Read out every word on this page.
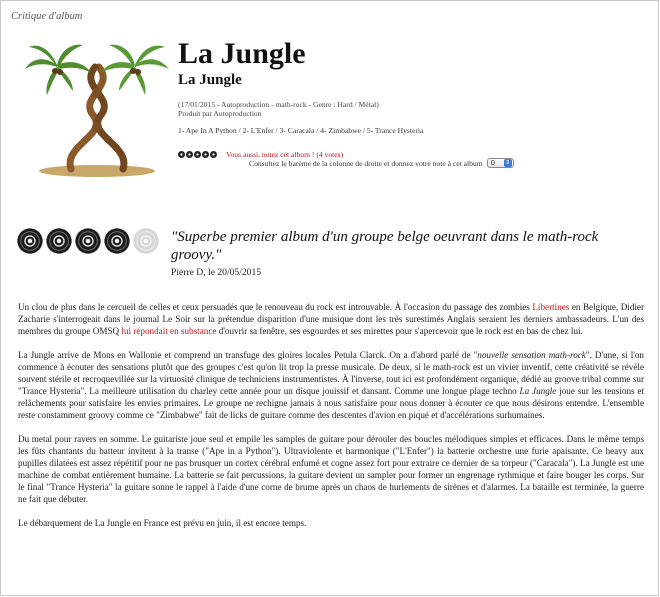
Critique d'album
La Jungle
La Jungle
(17/01/2015 - Autoproduction - math-rock - Genre : Hard / Métal)
Produit par Autoproduction
1- Ape In A Python / 2- L'Enfer / 3- Caracala / 4- Zimbabwe / 5- Trance Hysteria
Vous aussi, notez cet album ! (4 votes)
Consultez le barème de la colonne de droite et donnez votre note à cet album 0 ⇕
"Superbe premier album d'un groupe belge oeuvrant dans le math-rock groovy."
Pierre D, le 20/05/2015

Un clou de plus dans le cercueil de celles et ceux persuadés que le renouveau du rock est introuvable. À l'occasion du passage des zombies Libertines en Belgique, Didier Zacharie s'interrogeait dans le journal Le Soir sur la prétendue disparition d'une musique dont les très surestimés Anglais seraient les derniers ambassadeurs. L'un des membres du groupe OMSQ lui répondait en substance d'ouvrir sa fenêtre, ses esgourdes et ses mirettes pour s'apercevoir que le rock est en bas de chez lui.

La Jungle arrive de Mons en Wallonie et comprend un transfuge des gloires locales Petula Clarck. On a d'abord parlé de "nouvelle sensation math-rock". D'une, si l'on commence à écouter des sensations plutôt que des groupes c'est qu'on lit trop la presse musicale. De deux, si le math-rock est un vivier inventif, cette créativité se révèle souvent stérile et recroquevillée sur la virtuosité clinique de techniciens instrumentistes. À l'inverse, tout ici est profondément organique, dédié au groove tribal comme sur "Trance Hysteria". La meilleure utilisation du charley cette année pour un disque jouissif et dansant. Comme une longue plage techno La Jungle joue sur les tensions et relâchements pour satisfaire les envies primaires. Le groupe ne rechigne jamais à nous satisfaire pour nous donner à écouter ce que nous désirons entendre. L'ensemble reste constamment groovy comme ce "Zimbabwe" fait de licks de guitare comme des descentes d'avion en piqué et d'accélérations surhumaines.

Du metal pour ravers en somme. Le guitariste joue seul et empile les samples de guitare pour dérouler des boucles mélodiques simples et efficaces. Dans le même temps les fûts chantants du batteur invitent à la transe ("Ape in a Python"). Ultraviolente et harmonique ("L'Enfer") la batterie orchestre une furie apaisante. Ce heavy aux pupilles dilatées est assez répétitif pour ne pas brusquer un cortex cérébral enfumé et cogne assez fort pour extraire ce dernier de sa torpeur ("Caracala"). La Jungle est une machine de combat entièrement humaine. La batterie se fait percussions, la guitare devient un sampler pour former un engrenage rythmique et faire bouger les corps. Sur le final "Trance Hysteria" la guitare sonne le rappel à l'aide d'une corne de brume après un chaos de hurlements de sirènes et d'alarmes. La bataille est terminée, la guerre ne fait que débuter.

Le débarquement de La Jungle en France est prévu en juin, il est encore temps.
